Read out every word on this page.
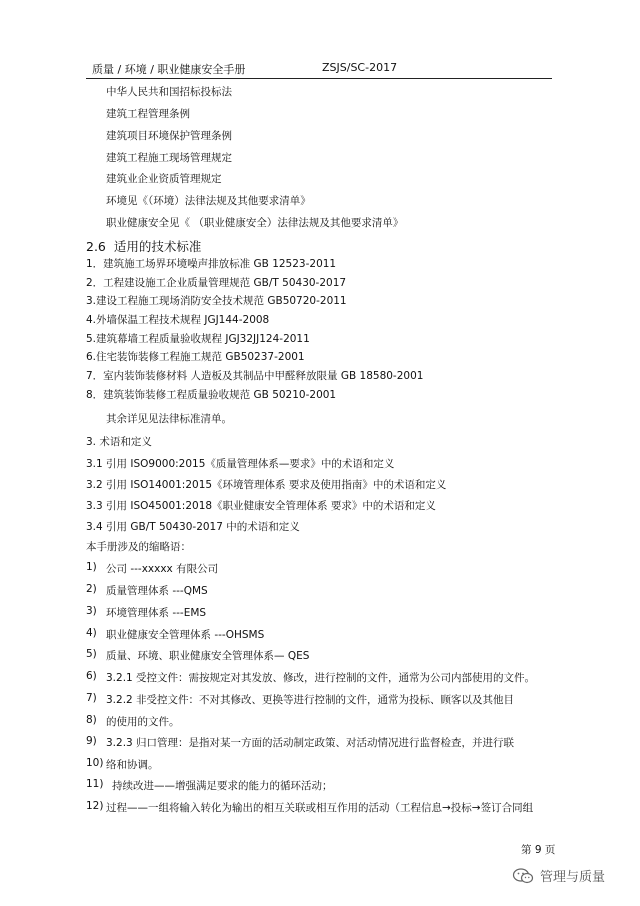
质量 / 环境 / 职业健康安全手册	ZSJS/SC-2017
中华人民共和国招标投标法
建筑工程管理条例
建筑项目环境保护管理条例
建筑工程施工现场管理规定
建筑业企业资质管理规定
环境见《（环境）法律法规及其他要求清单》
职业健康安全见《 （职业健康安全）法律法规及其他要求清单》
2.6 适用的技术标准
1．建筑施工场界环境噪声排放标准 GB 12523-2011
2．工程建设施工企业质量管理规范 GB/T 50430-2017
3.建设工程施工现场消防安全技术规范 GB50720-2011
4.外墙保温工程技术规程 JGJ144-2008
5.建筑幕墙工程质量验收规程 JGJ32JJ124-2011
6.住宅装饰装修工程施工规范 GB50237-2001
7．室内装饰装修材料 人造板及其制品中甲醛释放限量 GB 18580-2001
8．建筑装饰装修工程质量验收规范 GB 50210-2001
其余详见见法律标准清单。
3. 术语和定义
3.1 引用 ISO9000:2015《质量管理体系—要求》中的术语和定义
3.2 引用 ISO14001:2015《环境管理体系 要求及使用指南》中的术语和定义
3.3 引用 ISO45001:2018《职业健康安全管理体系 要求》中的术语和定义
3.4 引用 GB/T 50430-2017 中的术语和定义
本手册涉及的缩略语：
1) 公司 ---xxxxx 有限公司
2) 质量管理体系 ---QMS
3) 环境管理体系 ---EMS
4) 职业健康安全管理体系 ---OHSMS
5) 质量、环境、职业健康安全管理体系— QES
6) 3.2.1 受控文件：需按规定对其发放、修改，进行控制的文件，通常为公司内部使用的文件。
7) 3.2.2 非受控文件：不对其修改、更换等进行控制的文件，通常为投标、顾客以及其他目
8) 的使用的文件。
9) 3.2.3 归口管理：是指对某一方面的活动制定政策、对活动情况进行监督检查，并进行联
10) 络和协调。
11) 持续改进——增强满足要求的能力的循环活动；
12) 过程——一组将输入转化为输出的相互关联或相互作用的活动（工程信息→投标→签订合同组
第 9 页
管理与质量
